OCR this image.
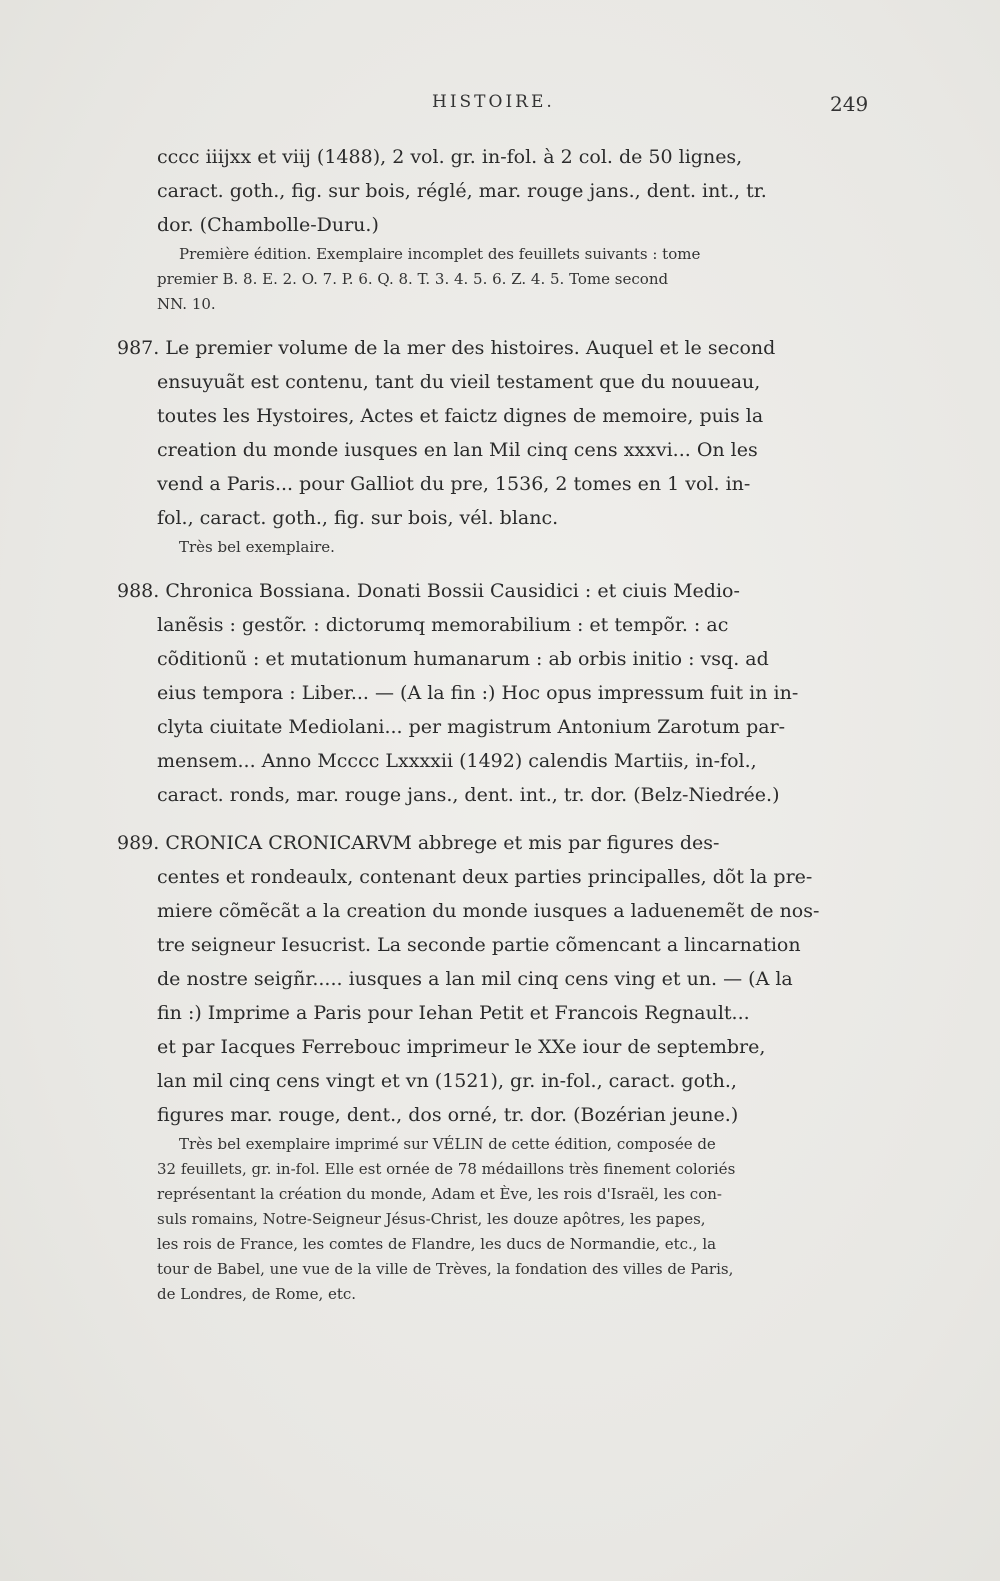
HISTOIRE.	249
cccc iiijxx et viij (1488), 2 vol. gr. in-fol. à 2 col. de 50 lignes,
caract. goth., fig. sur bois, réglé, mar. rouge jans., dent. int., tr.
dor. (Chambolle-Duru.)
Première édition. Exemplaire incomplet des feuillets suivants : tome
premier B. 8. E. 2. O. 7. P. 6. Q. 8. T. 3. 4. 5. 6. Z. 4. 5. Tome second
NN. 10.
987. Le premier volume de la mer des histoires. Auquel et le second
ensuyuãt est contenu, tant du vieil testament que du nouueau,
toutes les Hystoires, Actes et faictz dignes de memoire, puis la
creation du monde iusques en lan Mil cinq cens xxxvi... On les
vend a Paris... pour Galliot du pre, 1536, 2 tomes en 1 vol. in-
fol., caract. goth., fig. sur bois, vél. blanc.
Très bel exemplaire.
988. Chronica Bossiana. Donati Bossii Causidici : et ciuis Medio-
lanẽsis : gestõr. : dictorumq memorabilium : et tempõr. : ac
cõditionũ : et mutationum humanarum : ab orbis initio : vsq. ad
eius tempora : Liber... — (A la fin :) Hoc opus impressum fuit in in-
clyta ciuitate Mediolani... per magistrum Antonium Zarotum par-
mensem... Anno Mcccc Lxxxxii (1492) calendis Martiis, in-fol.,
caract. ronds, mar. rouge jans., dent. int., tr. dor. (Belz-Niedrée.)
989. CRONICA CRONICARVM abbrege et mis par figures des-
centes et rondeaulx, contenant deux parties principalles, dõt la pre-
miere cõmẽcãt a la creation du monde iusques a laduenemẽt de nos-
tre seigneur Iesucrist. La seconde partie cõmencant a lincarnation
de nostre seigñr..... iusques a lan mil cinq cens ving et un. — (A la
fin :) Imprime a Paris pour Iehan Petit et Francois Regnault...
et par Iacques Ferrebouc imprimeur le XXe iour de septembre,
lan mil cinq cens vingt et vn (1521), gr. in-fol., caract. goth.,
figures mar. rouge, dent., dos orné, tr. dor. (Bozérian jeune.)
Très bel exemplaire imprimé sur VÉLIN de cette édition, composée de
32 feuillets, gr. in-fol. Elle est ornée de 78 médaillons très finement coloriés
représentant la création du monde, Adam et Ève, les rois d'Israël, les con-
suls romains, Notre-Seigneur Jésus-Christ, les douze apôtres, les papes,
les rois de France, les comtes de Flandre, les ducs de Normandie, etc., la
tour de Babel, une vue de la ville de Trèves, la fondation des villes de Paris,
de Londres, de Rome, etc.
